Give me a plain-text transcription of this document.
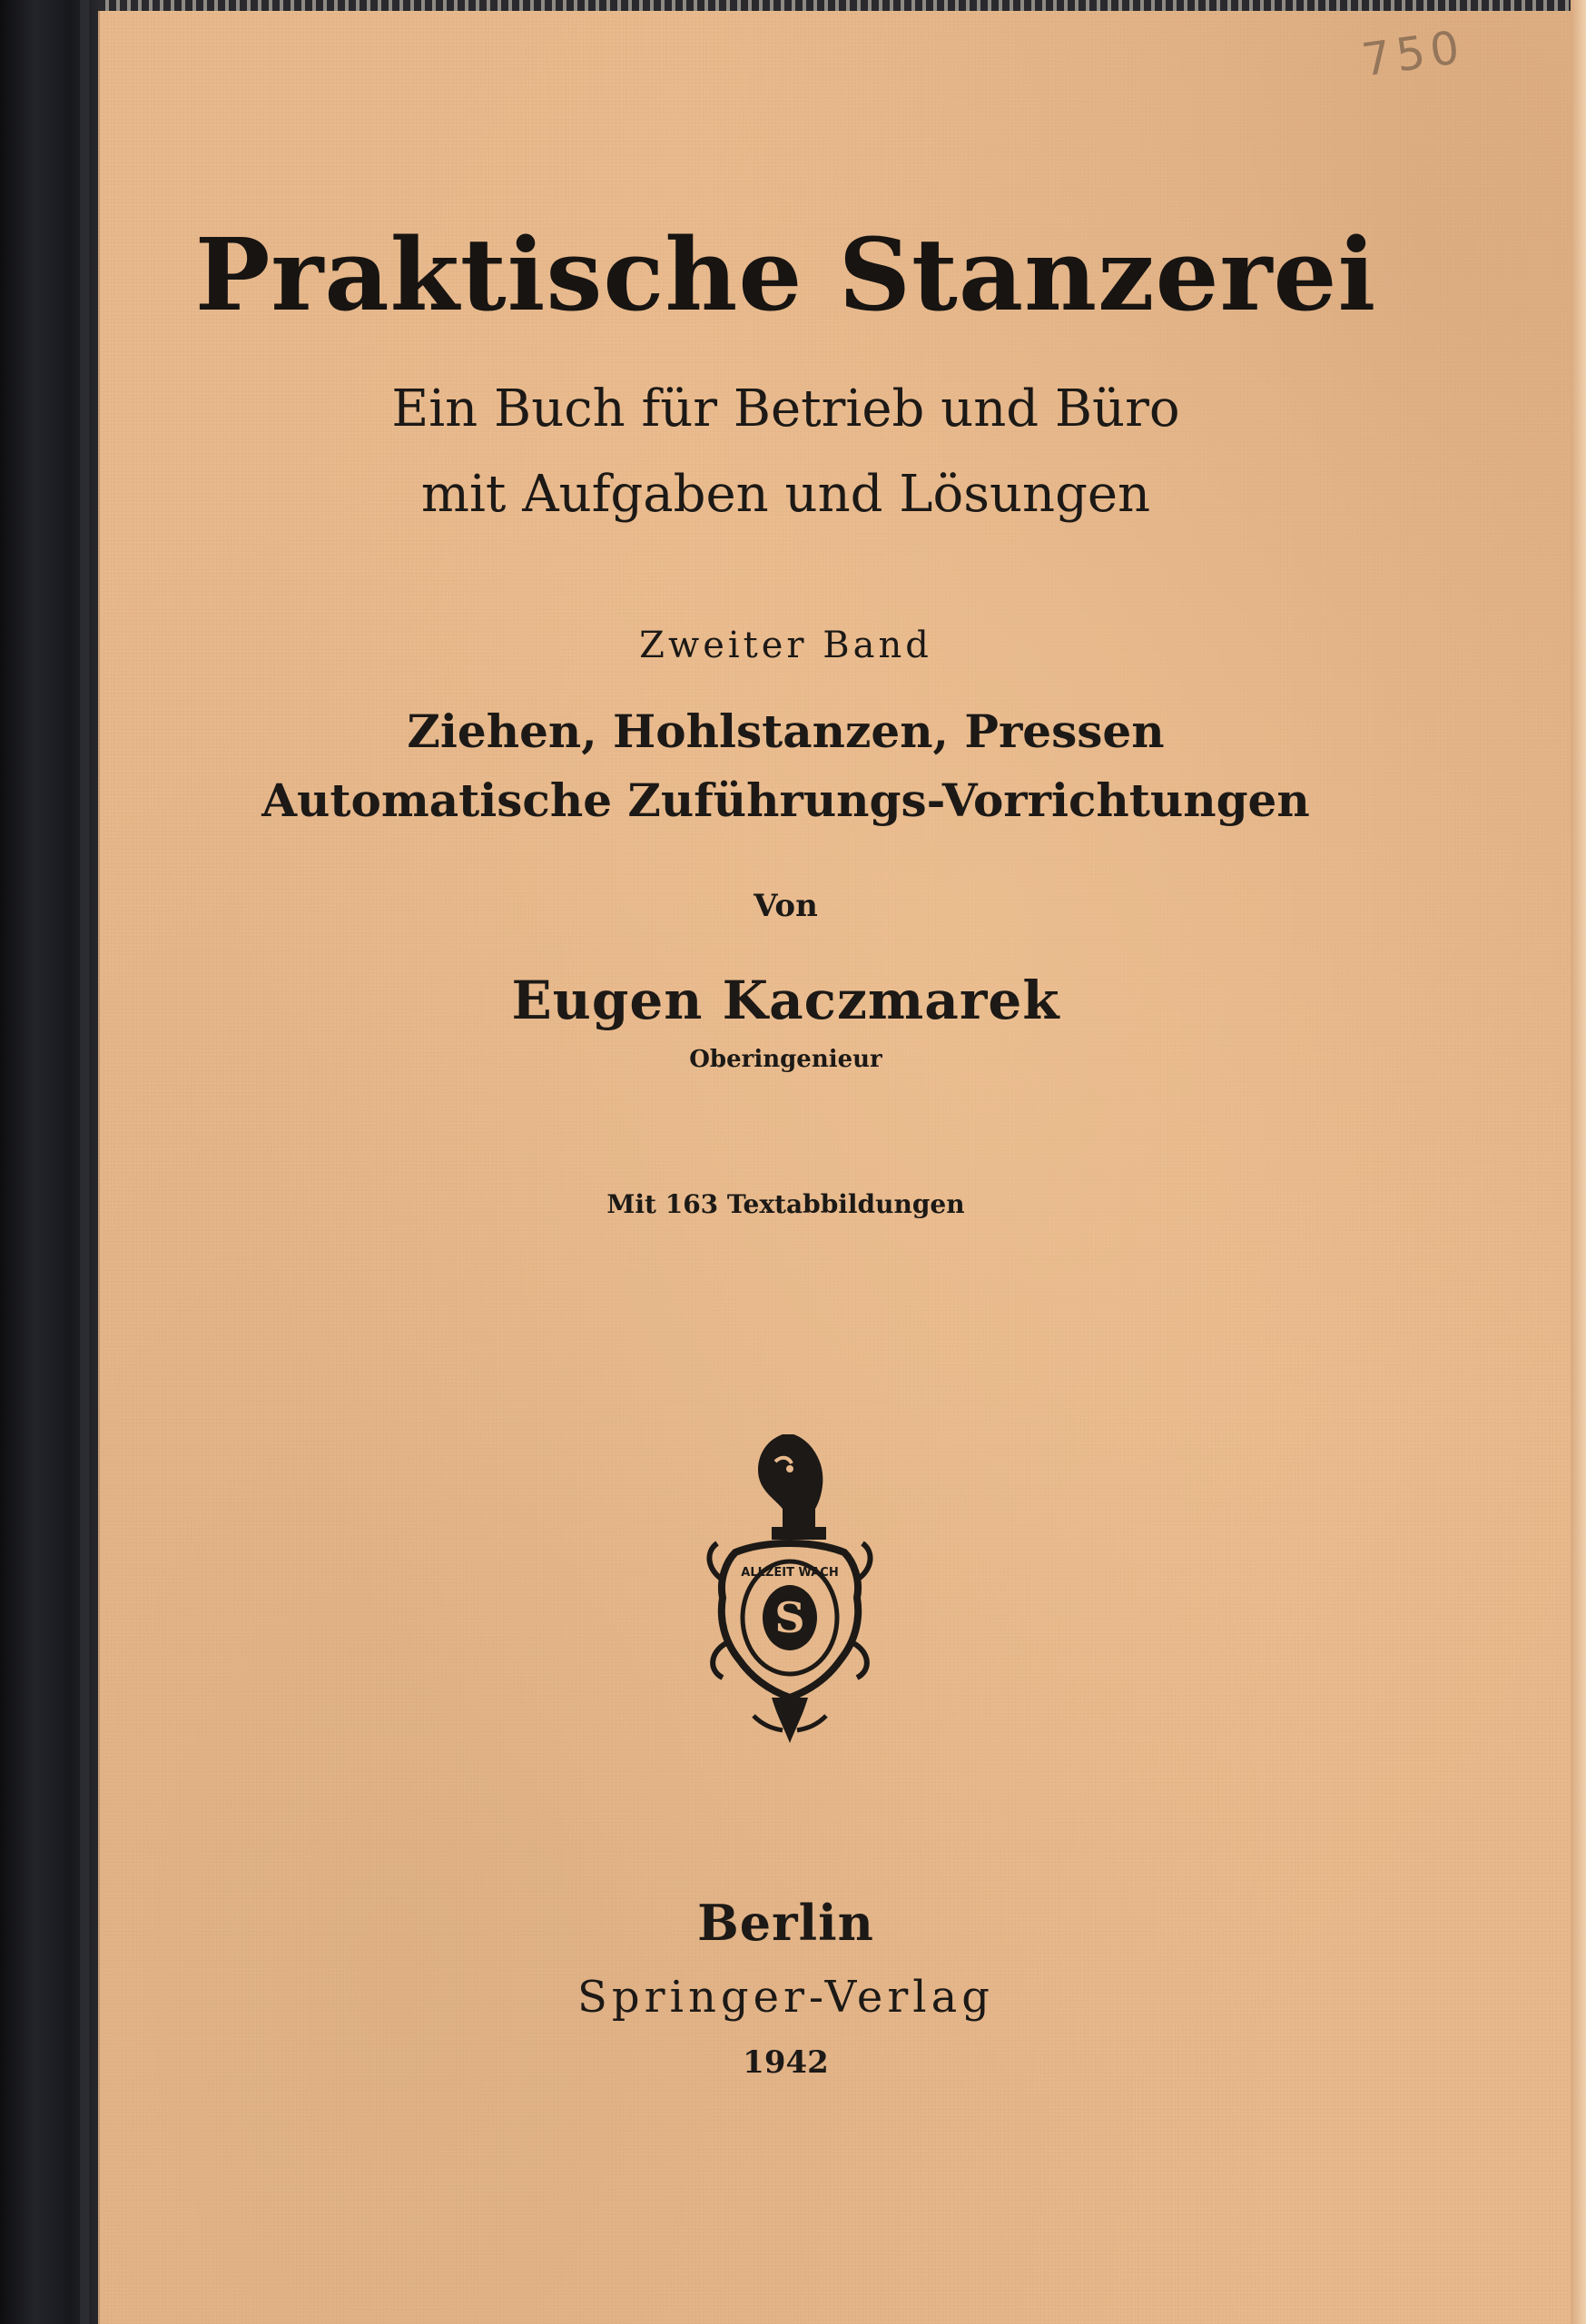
750
Praktische Stanzerei
Ein Buch für Betrieb und Büro
mit Aufgaben und Lösungen
Zweiter Band
Ziehen, Hohlstanzen, Pressen
Automatische Zuführungs-Vorrichtungen
Von
Eugen Kaczmarek
Oberingenieur
Mit 163 Textabbildungen
S
ALLZEIT WACH
Berlin
Springer-Verlag
1942
